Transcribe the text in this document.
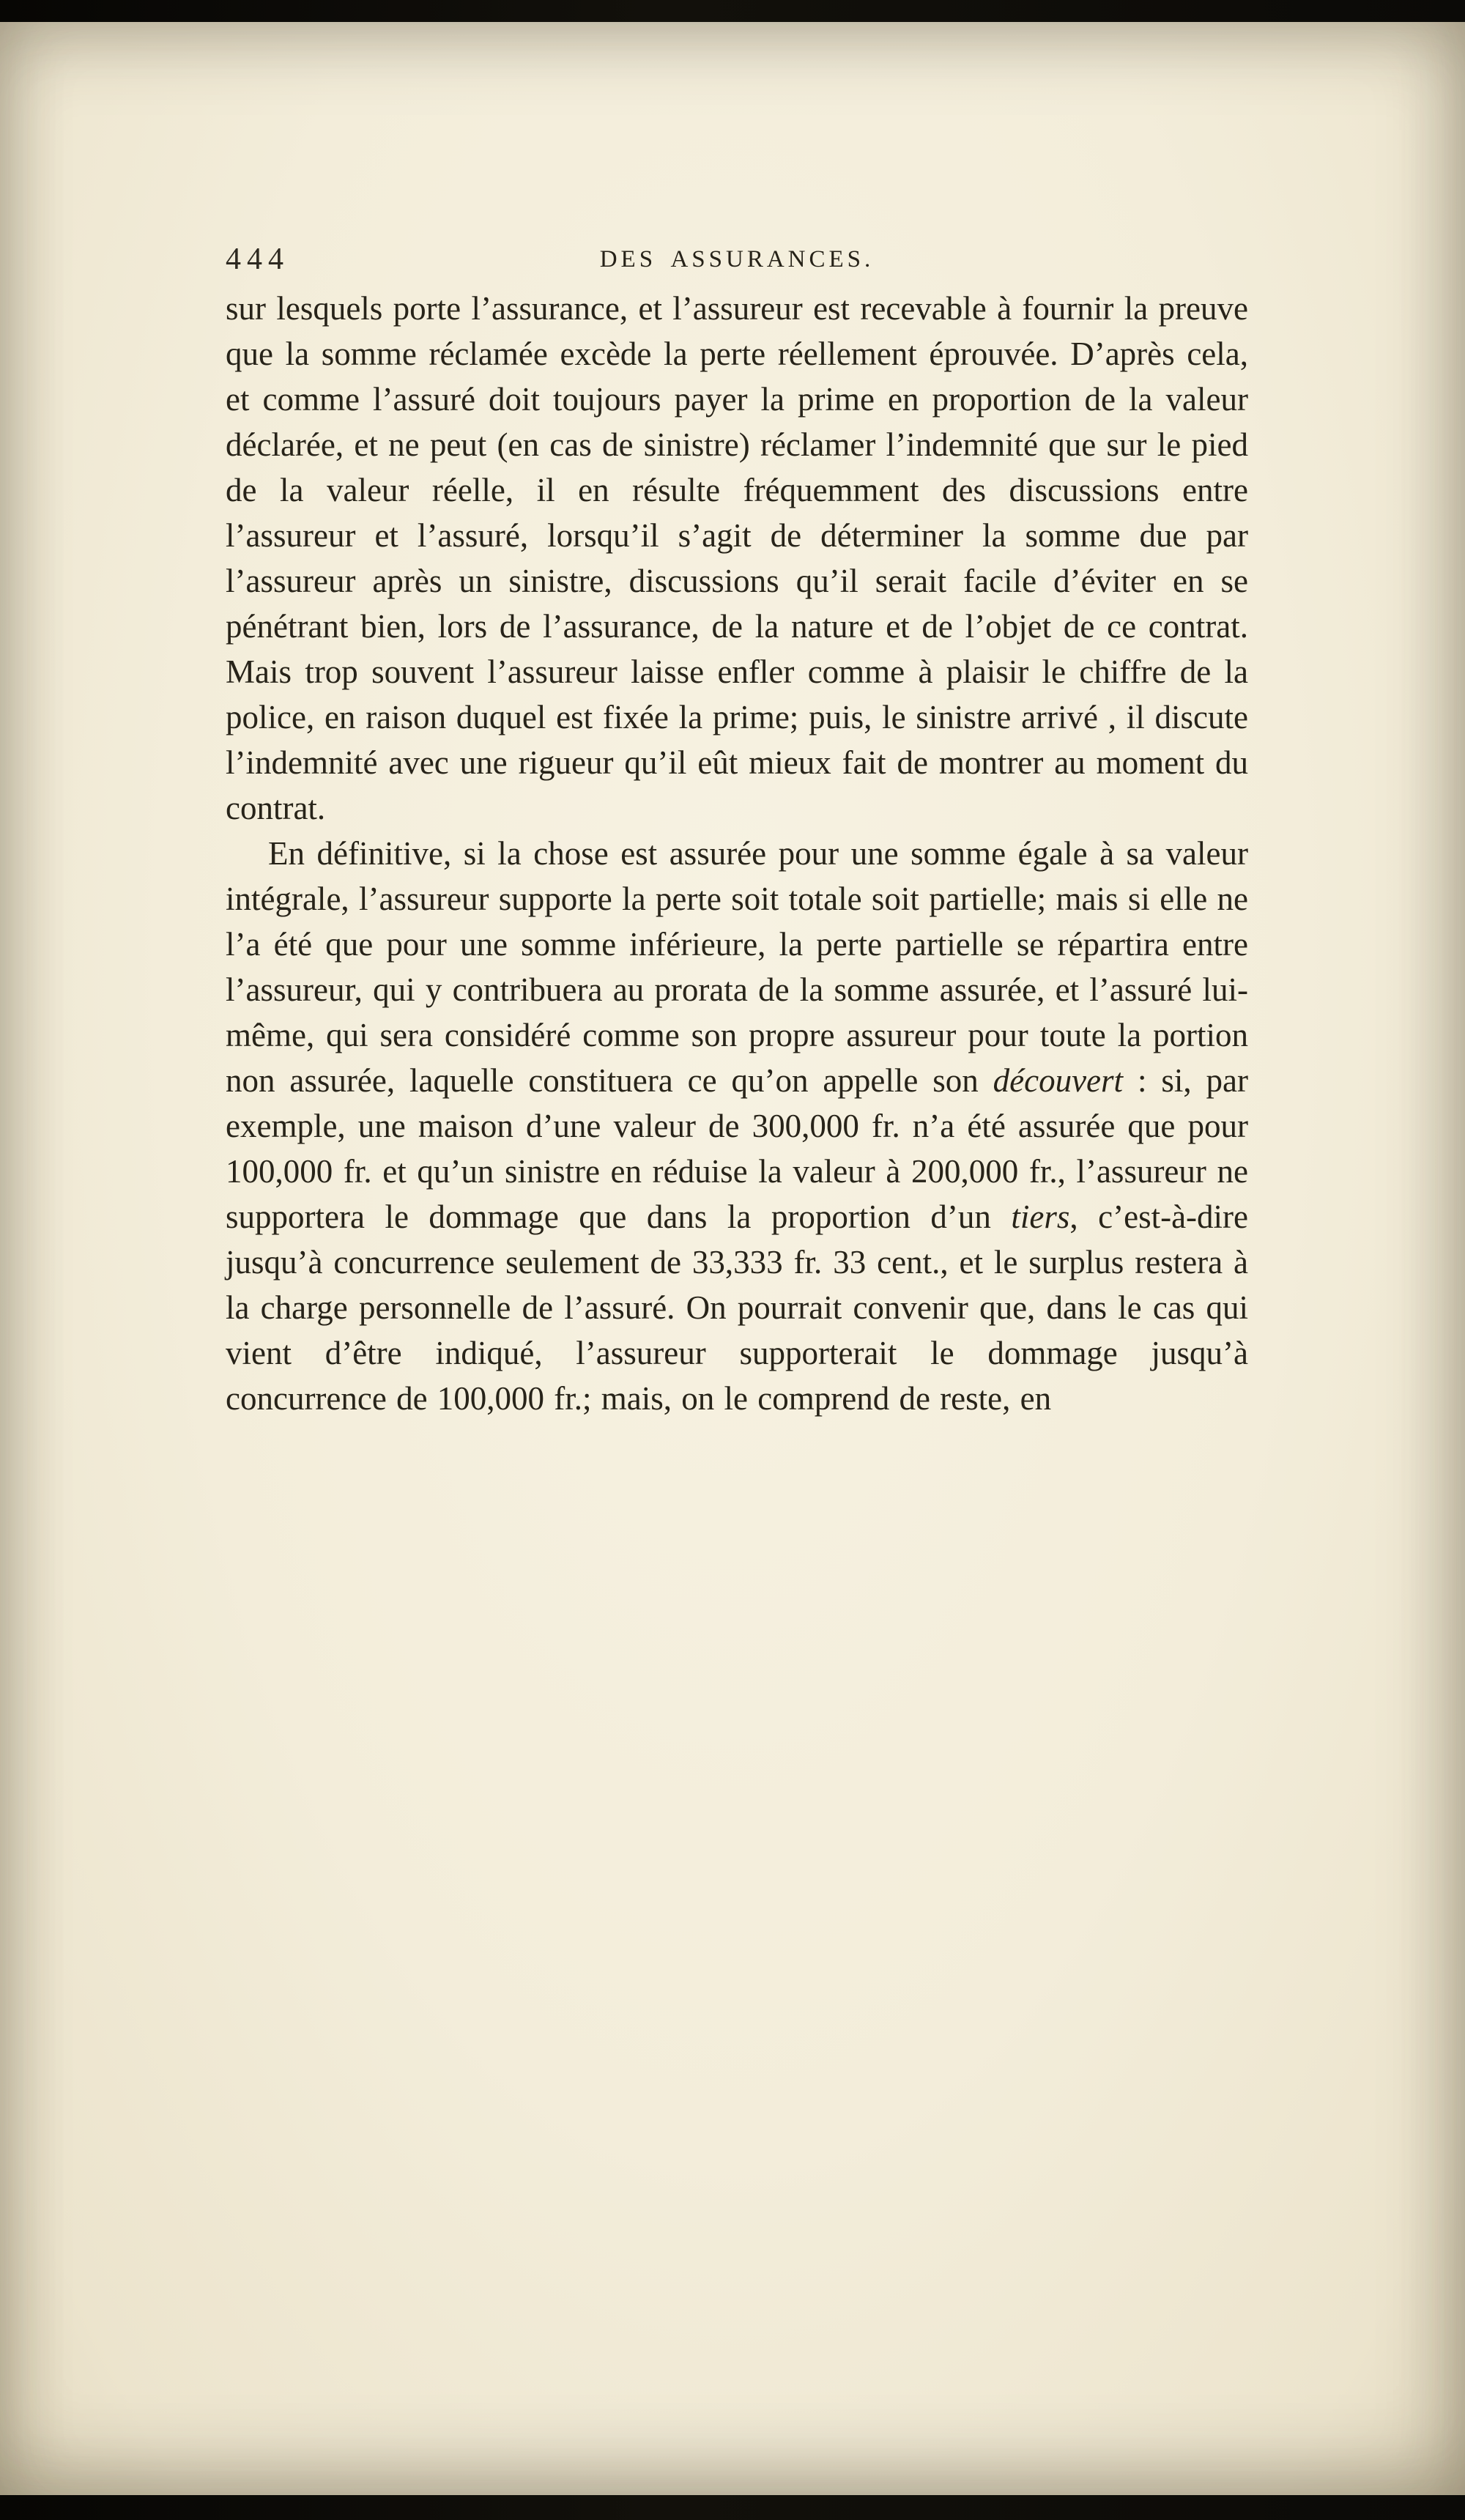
444	DES ASSURANCES.

sur lesquels porte l’assurance, et l’assureur est recevable à fournir la preuve que la somme réclamée excède la perte réellement éprouvée. D’après cela, et comme l’assuré doit toujours payer la prime en proportion de la valeur déclarée, et ne peut (en cas de sinistre) réclamer l’indemnité que sur le pied de la valeur réelle, il en résulte fréquemment des discussions entre l’assureur et l’assuré, lorsqu’il s’agit de déterminer la somme due par l’assureur après un sinistre, discussions qu’il serait facile d’éviter en se pénétrant bien, lors de l’assurance, de la nature et de l’objet de ce contrat. Mais trop souvent l’assureur laisse enfler comme à plaisir le chiffre de la police, en raison duquel est fixée la prime; puis, le sinistre arrivé , il discute l’indemnité avec une rigueur qu’il eût mieux fait de montrer au moment du contrat.

En définitive, si la chose est assurée pour une somme égale à sa valeur intégrale, l’assureur supporte la perte soit totale soit partielle; mais si elle ne l’a été que pour une somme inférieure, la perte partielle se répartira entre l’assureur, qui y contribuera au prorata de la somme assurée, et l’assuré lui-même, qui sera considéré comme son propre assureur pour toute la portion non assurée, laquelle constituera ce qu’on appelle son découvert : si, par exemple, une maison d’une valeur de 300,000 fr. n’a été assurée que pour 100,000 fr. et qu’un sinistre en réduise la valeur à 200,000 fr., l’assureur ne supportera le dommage que dans la proportion d’un tiers, c’est-à-dire jusqu’à concurrence seulement de 33,333 fr. 33 cent., et le surplus restera à la charge personnelle de l’assuré. On pourrait convenir que, dans le cas qui vient d’être indiqué, l’assureur supporterait le dommage jusqu’à concurrence de 100,000 fr.; mais, on le comprend de reste, en
